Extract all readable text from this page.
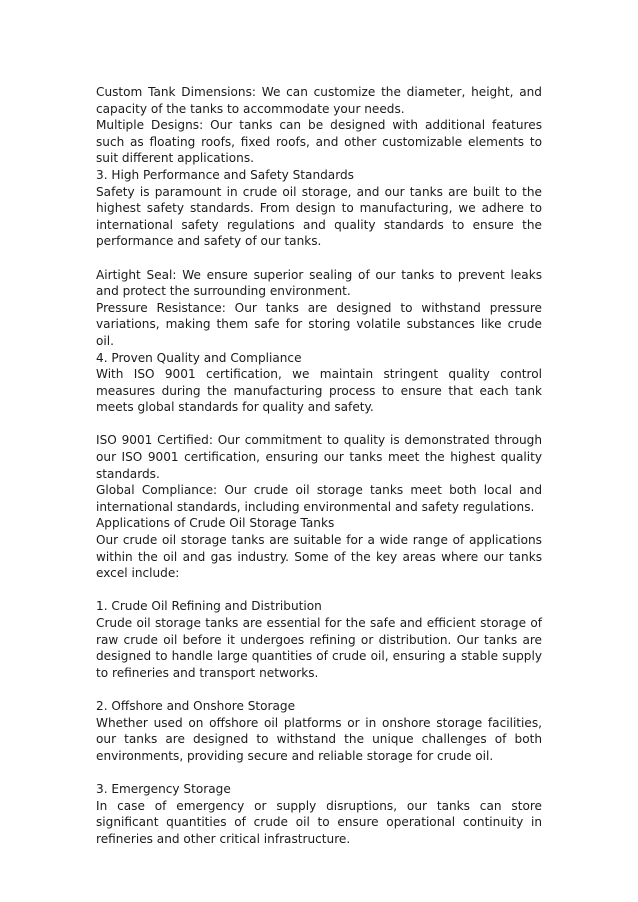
Custom Tank Dimensions: We can customize the diameter, height, and capacity of the tanks to accommodate your needs.

Multiple Designs: Our tanks can be designed with additional features such as floating roofs, fixed roofs, and other customizable elements to suit different applications.

3. High Performance and Safety Standards

Safety is paramount in crude oil storage, and our tanks are built to the highest safety standards. From design to manufacturing, we adhere to international safety regulations and quality standards to ensure the performance and safety of our tanks.

Airtight Seal: We ensure superior sealing of our tanks to prevent leaks and protect the surrounding environment.

Pressure Resistance: Our tanks are designed to withstand pressure variations, making them safe for storing volatile substances like crude oil.

4. Proven Quality and Compliance

With ISO 9001 certification, we maintain stringent quality control measures during the manufacturing process to ensure that each tank meets global standards for quality and safety.

ISO 9001 Certified: Our commitment to quality is demonstrated through our ISO 9001 certification, ensuring our tanks meet the highest quality standards.

Global Compliance: Our crude oil storage tanks meet both local and international standards, including environmental and safety regulations.

Applications of Crude Oil Storage Tanks

Our crude oil storage tanks are suitable for a wide range of applications within the oil and gas industry. Some of the key areas where our tanks excel include:

1. Crude Oil Refining and Distribution

Crude oil storage tanks are essential for the safe and efficient storage of raw crude oil before it undergoes refining or distribution. Our tanks are designed to handle large quantities of crude oil, ensuring a stable supply to refineries and transport networks.

2. Offshore and Onshore Storage

Whether used on offshore oil platforms or in onshore storage facilities, our tanks are designed to withstand the unique challenges of both environments, providing secure and reliable storage for crude oil.

3. Emergency Storage

In case of emergency or supply disruptions, our tanks can store significant quantities of crude oil to ensure operational continuity in refineries and other critical infrastructure.
